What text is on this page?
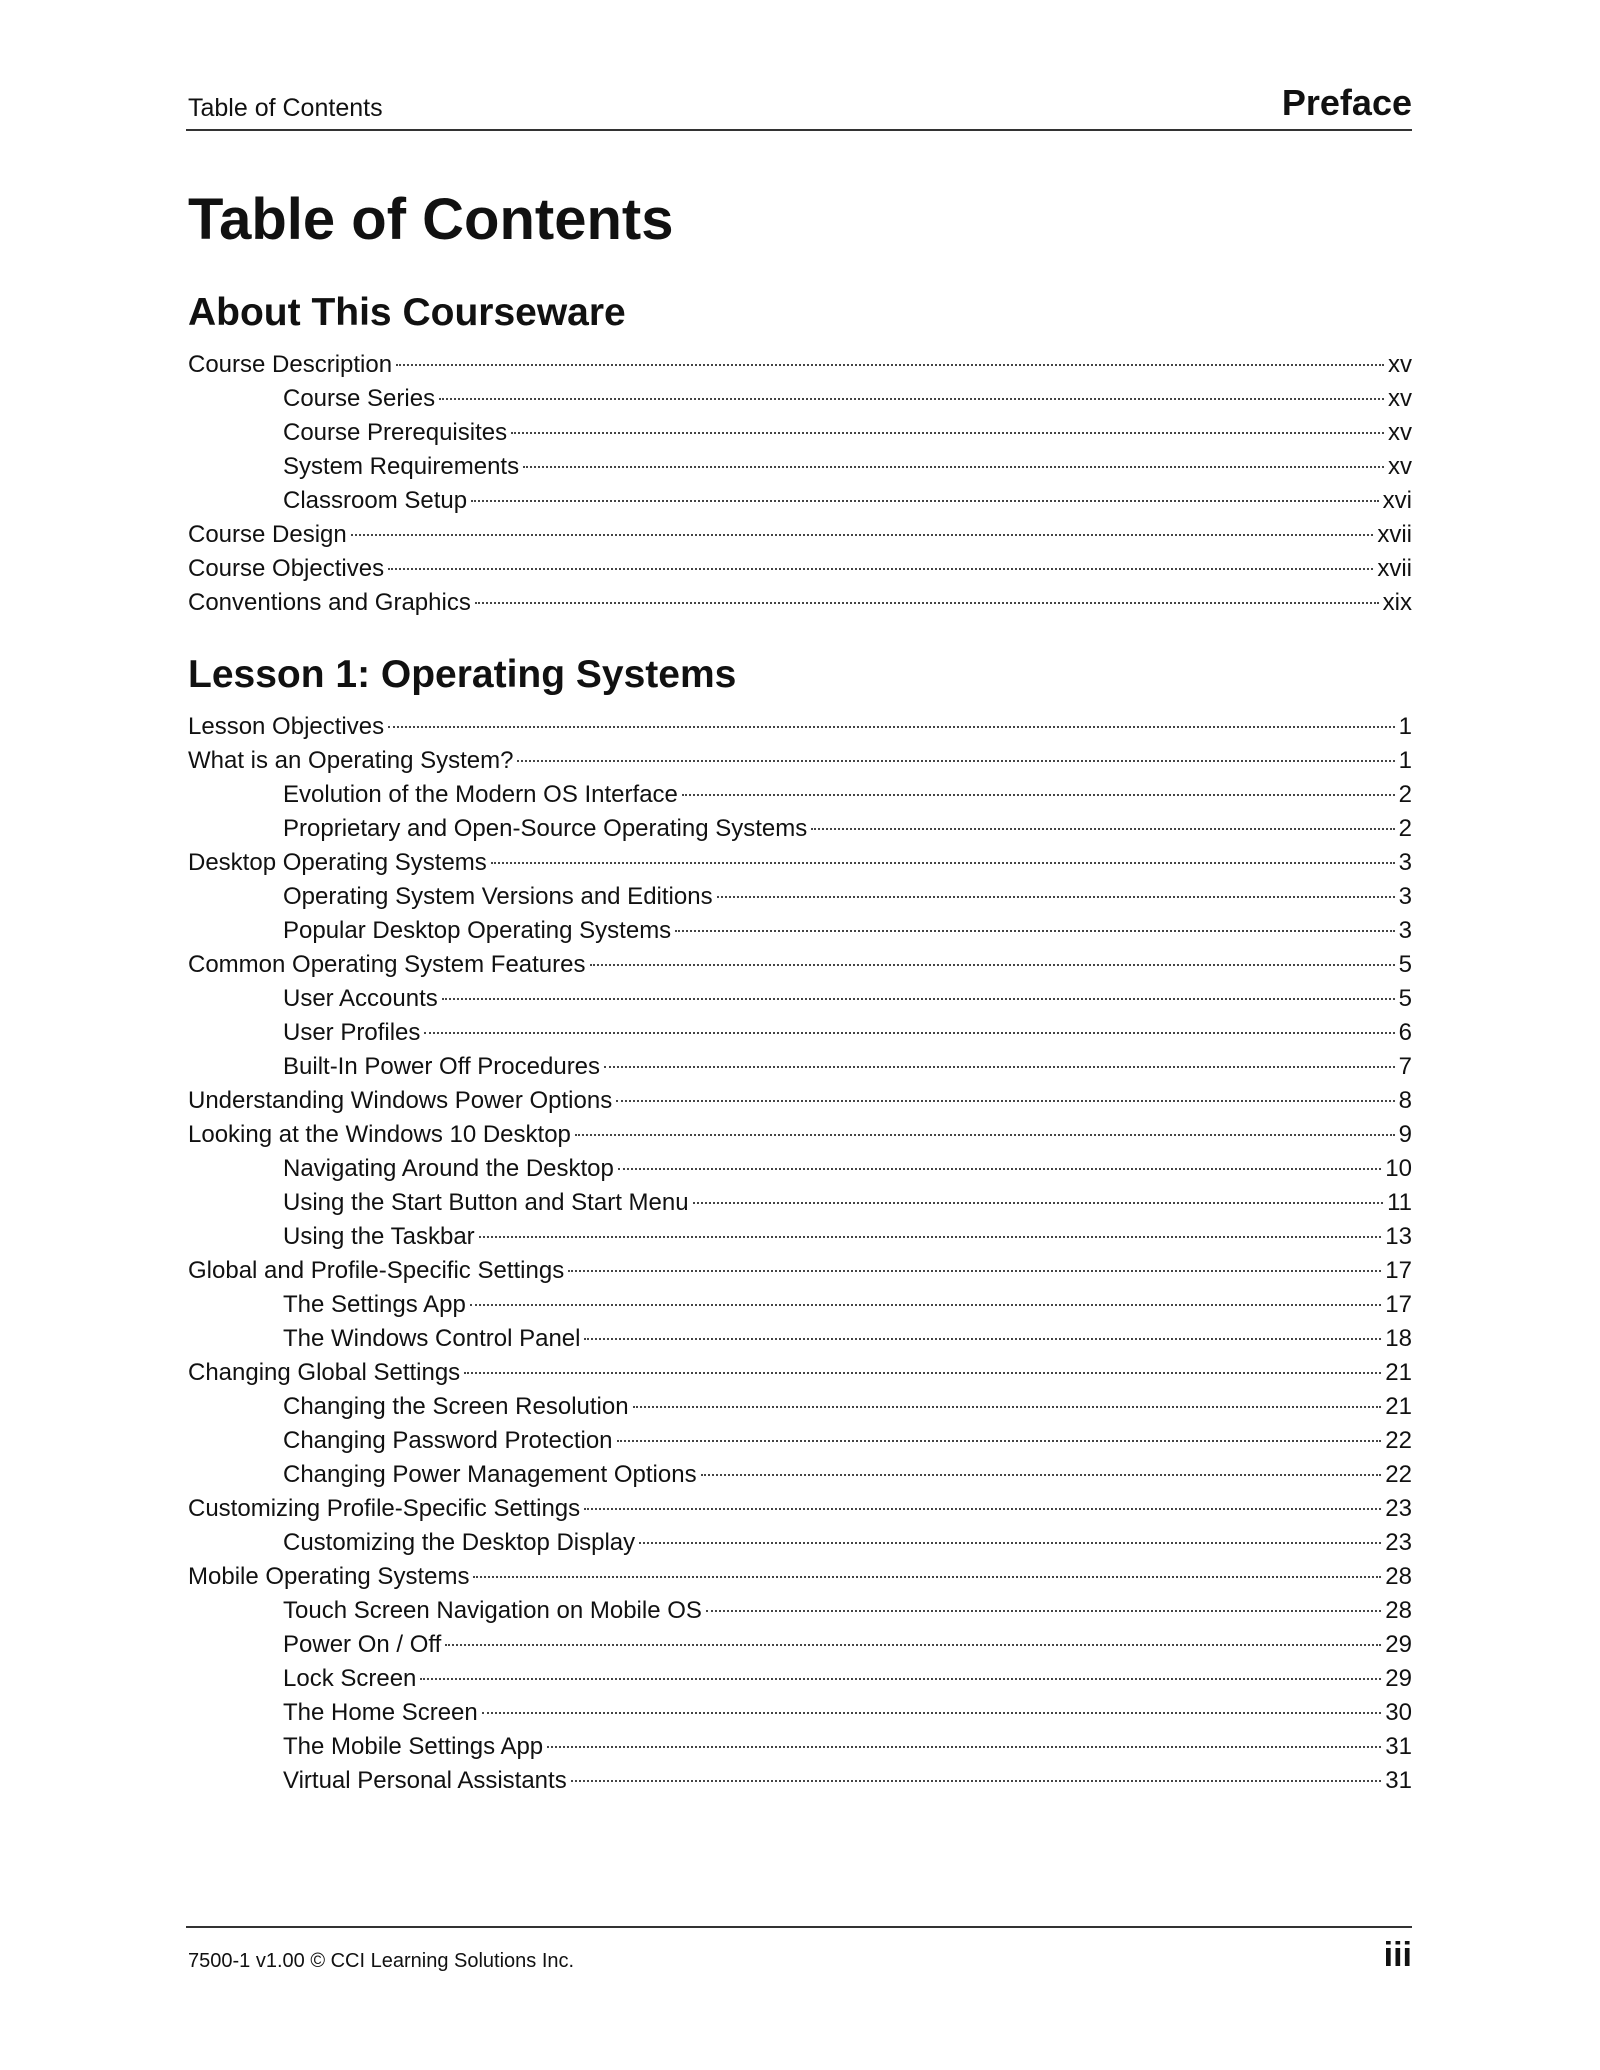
Table of Contents	Preface
Table of Contents
About This Courseware
Course Description	xv
Course Series	xv
Course Prerequisites	xv
System Requirements	xv
Classroom Setup	xvi
Course Design	xvii
Course Objectives	xvii
Conventions and Graphics	xix
Lesson 1: Operating Systems
Lesson Objectives	1
What is an Operating System?	1
Evolution of the Modern OS Interface	2
Proprietary and Open-Source Operating Systems	2
Desktop Operating Systems	3
Operating System Versions and Editions	3
Popular Desktop Operating Systems	3
Common Operating System Features	5
User Accounts	5
User Profiles	6
Built-In Power Off Procedures	7
Understanding Windows Power Options	8
Looking at the Windows 10 Desktop	9
Navigating Around the Desktop	10
Using the Start Button and Start Menu	11
Using the Taskbar	13
Global and Profile-Specific Settings	17
The Settings App	17
The Windows Control Panel	18
Changing Global Settings	21
Changing the Screen Resolution	21
Changing Password Protection	22
Changing Power Management Options	22
Customizing Profile-Specific Settings	23
Customizing the Desktop Display	23
Mobile Operating Systems	28
Touch Screen Navigation on Mobile OS	28
Power On / Off	29
Lock Screen	29
The Home Screen	30
The Mobile Settings App	31
Virtual Personal Assistants	31
7500-1 v1.00 © CCI Learning Solutions Inc.	iii
